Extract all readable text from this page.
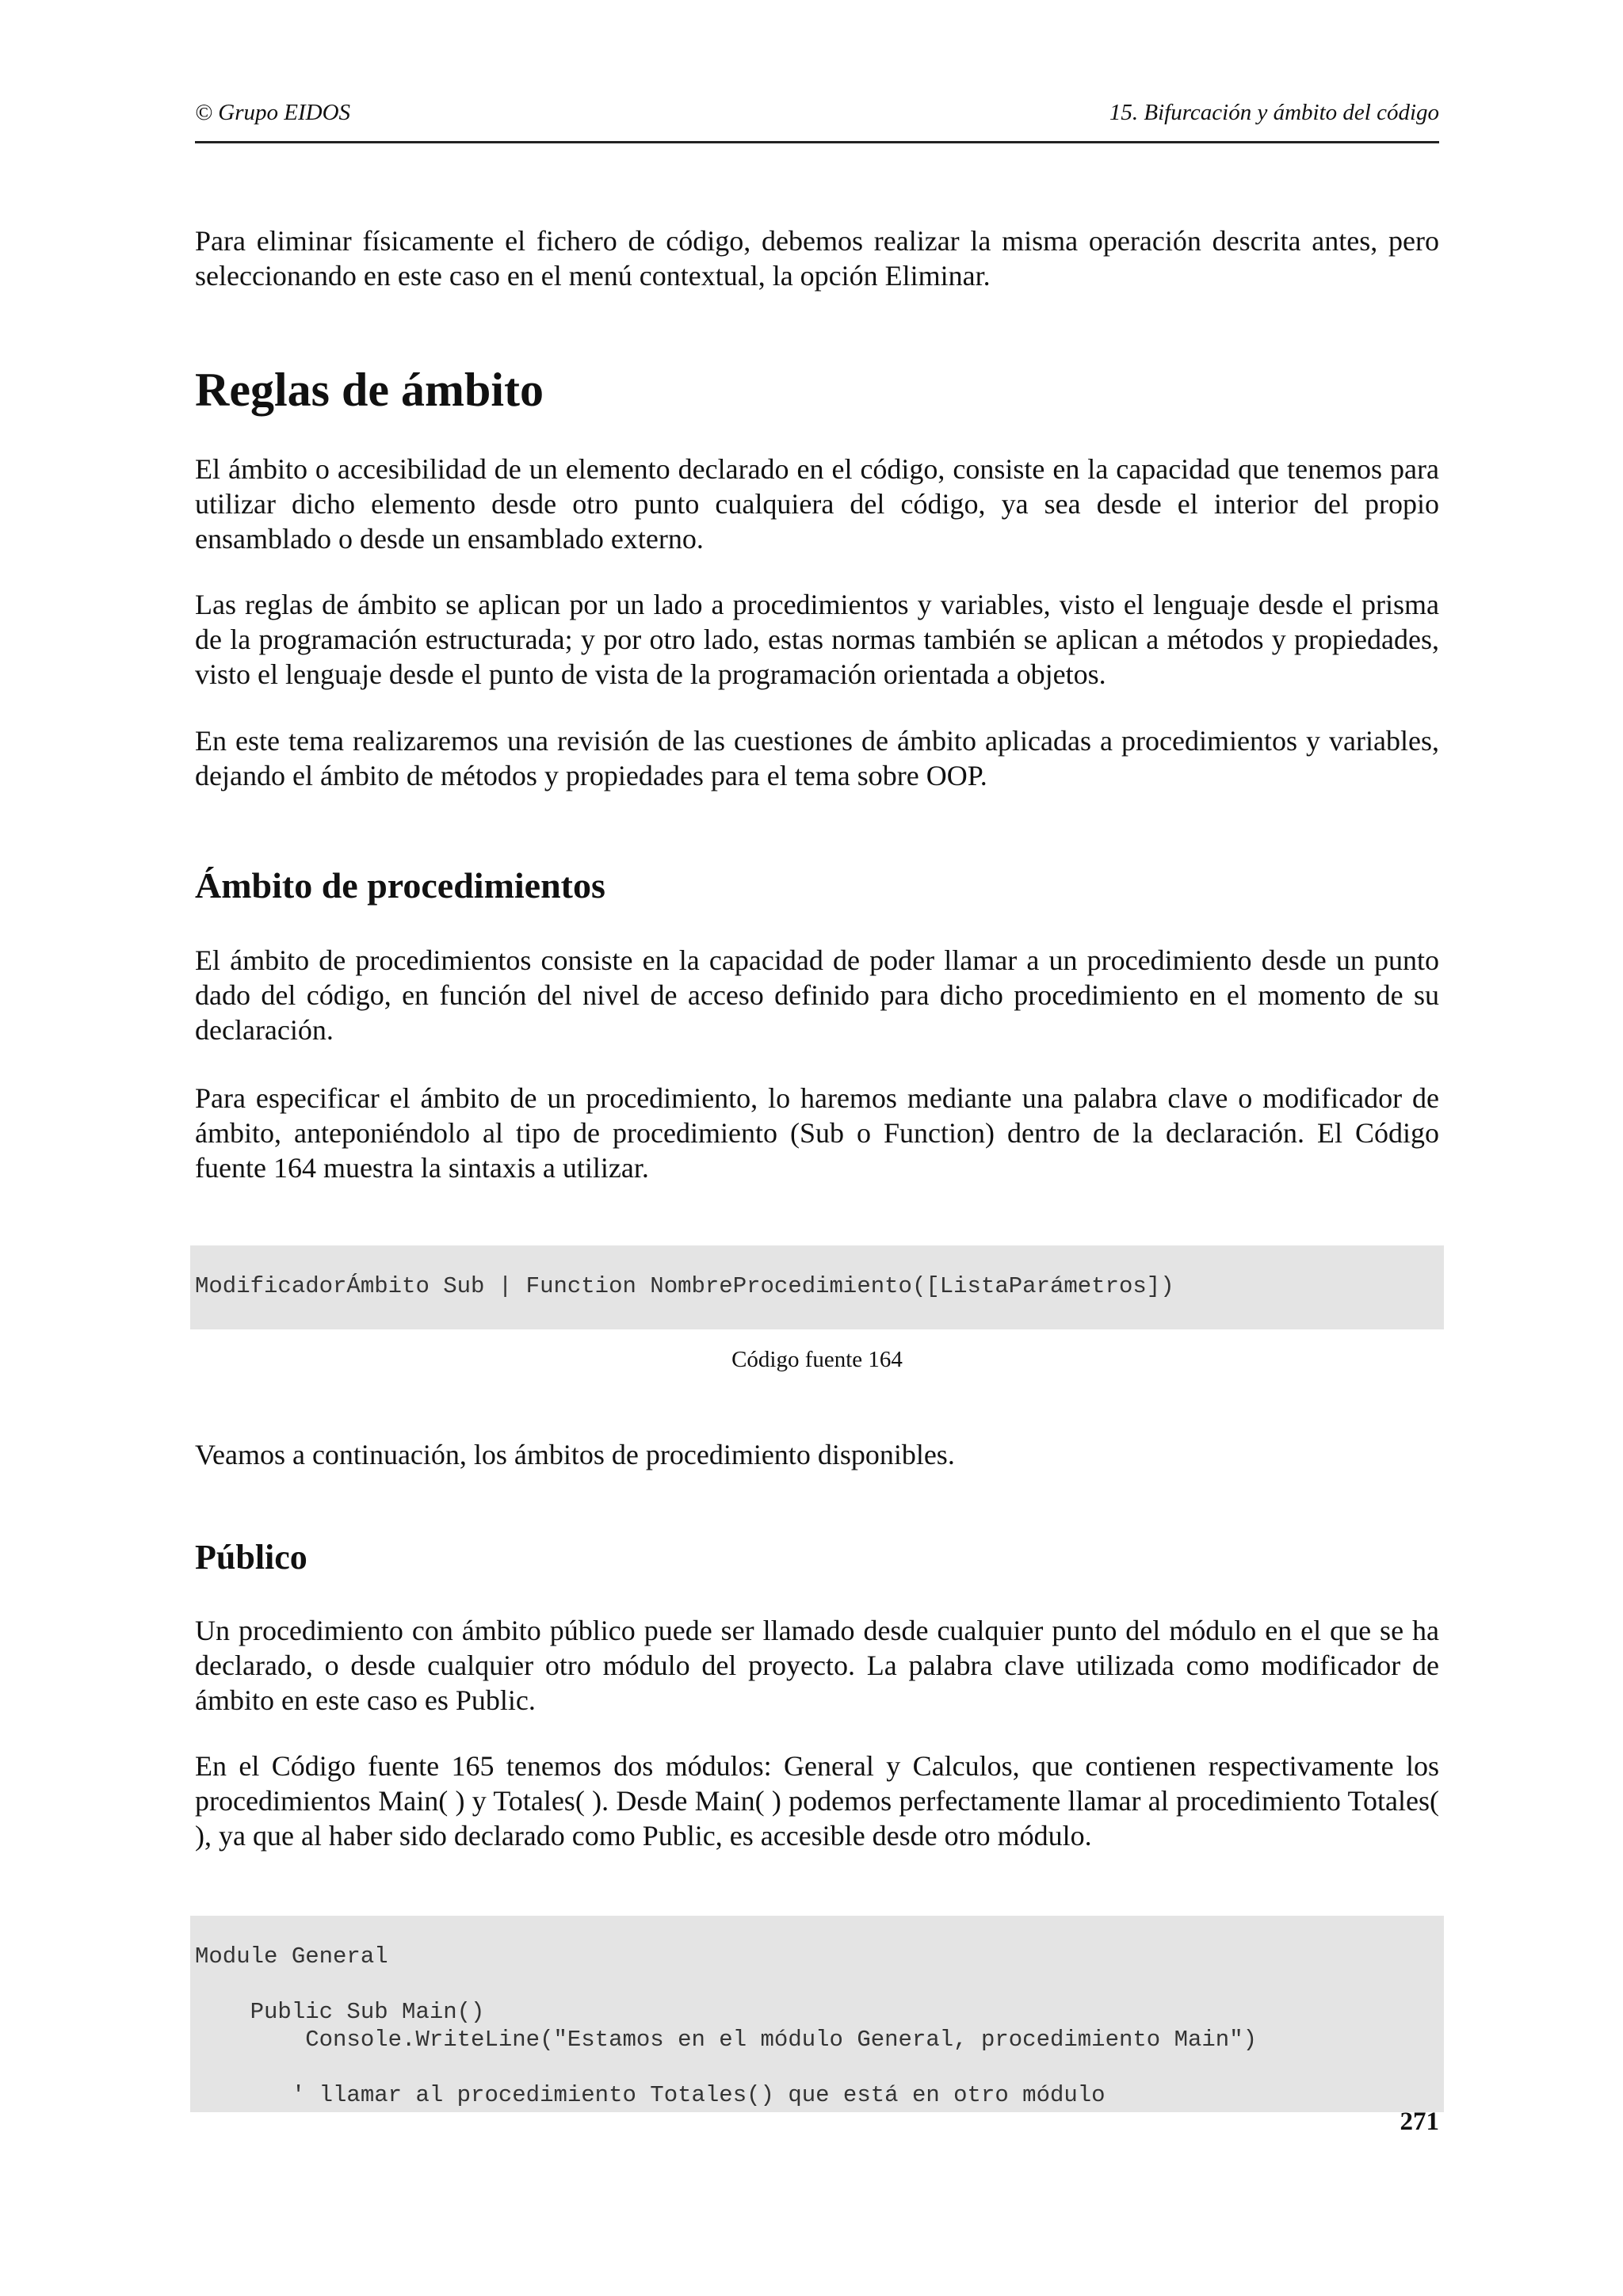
© Grupo EIDOS	15. Bifurcación y ámbito del código

Para eliminar físicamente el fichero de código, debemos realizar la misma operación descrita antes, pero seleccionando en este caso en el menú contextual, la opción Eliminar.

Reglas de ámbito

El ámbito o accesibilidad de un elemento declarado en el código, consiste en la capacidad que tenemos para utilizar dicho elemento desde otro punto cualquiera del código, ya sea desde el interior del propio ensamblado o desde un ensamblado externo.

Las reglas de ámbito se aplican por un lado a procedimientos y variables, visto el lenguaje desde el prisma de la programación estructurada; y por otro lado, estas normas también se aplican a métodos y propiedades, visto el lenguaje desde el punto de vista de la programación orientada a objetos.

En este tema realizaremos una revisión de las cuestiones de ámbito aplicadas a procedimientos y variables, dejando el ámbito de métodos y propiedades para el tema sobre OOP.

Ámbito de procedimientos

El ámbito de procedimientos consiste en la capacidad de poder llamar a un procedimiento desde un punto dado del código, en función del nivel de acceso definido para dicho procedimiento en el momento de su declaración.

Para especificar el ámbito de un procedimiento, lo haremos mediante una palabra clave o modificador de ámbito, anteponiéndolo al tipo de procedimiento (Sub o Function) dentro de la declaración. El Código fuente 164 muestra la sintaxis a utilizar.

ModificadorÁmbito Sub | Function NombreProcedimiento([ListaParámetros])

Código fuente 164

Veamos a continuación, los ámbitos de procedimiento disponibles.

Público

Un procedimiento con ámbito público puede ser llamado desde cualquier punto del módulo en el que se ha declarado, o desde cualquier otro módulo del proyecto. La palabra clave utilizada como modificador de ámbito en este caso es Public.

En el Código fuente 165 tenemos dos módulos: General y Calculos, que contienen respectivamente los procedimientos Main( ) y Totales( ). Desde Main( ) podemos perfectamente llamar al procedimiento Totales( ), ya que al haber sido declarado como Public, es accesible desde otro módulo.

Module General

Public Sub Main()

Console.WriteLine("Estamos en el módulo General, procedimiento Main")

' llamar al procedimiento Totales() que está en otro módulo

271
